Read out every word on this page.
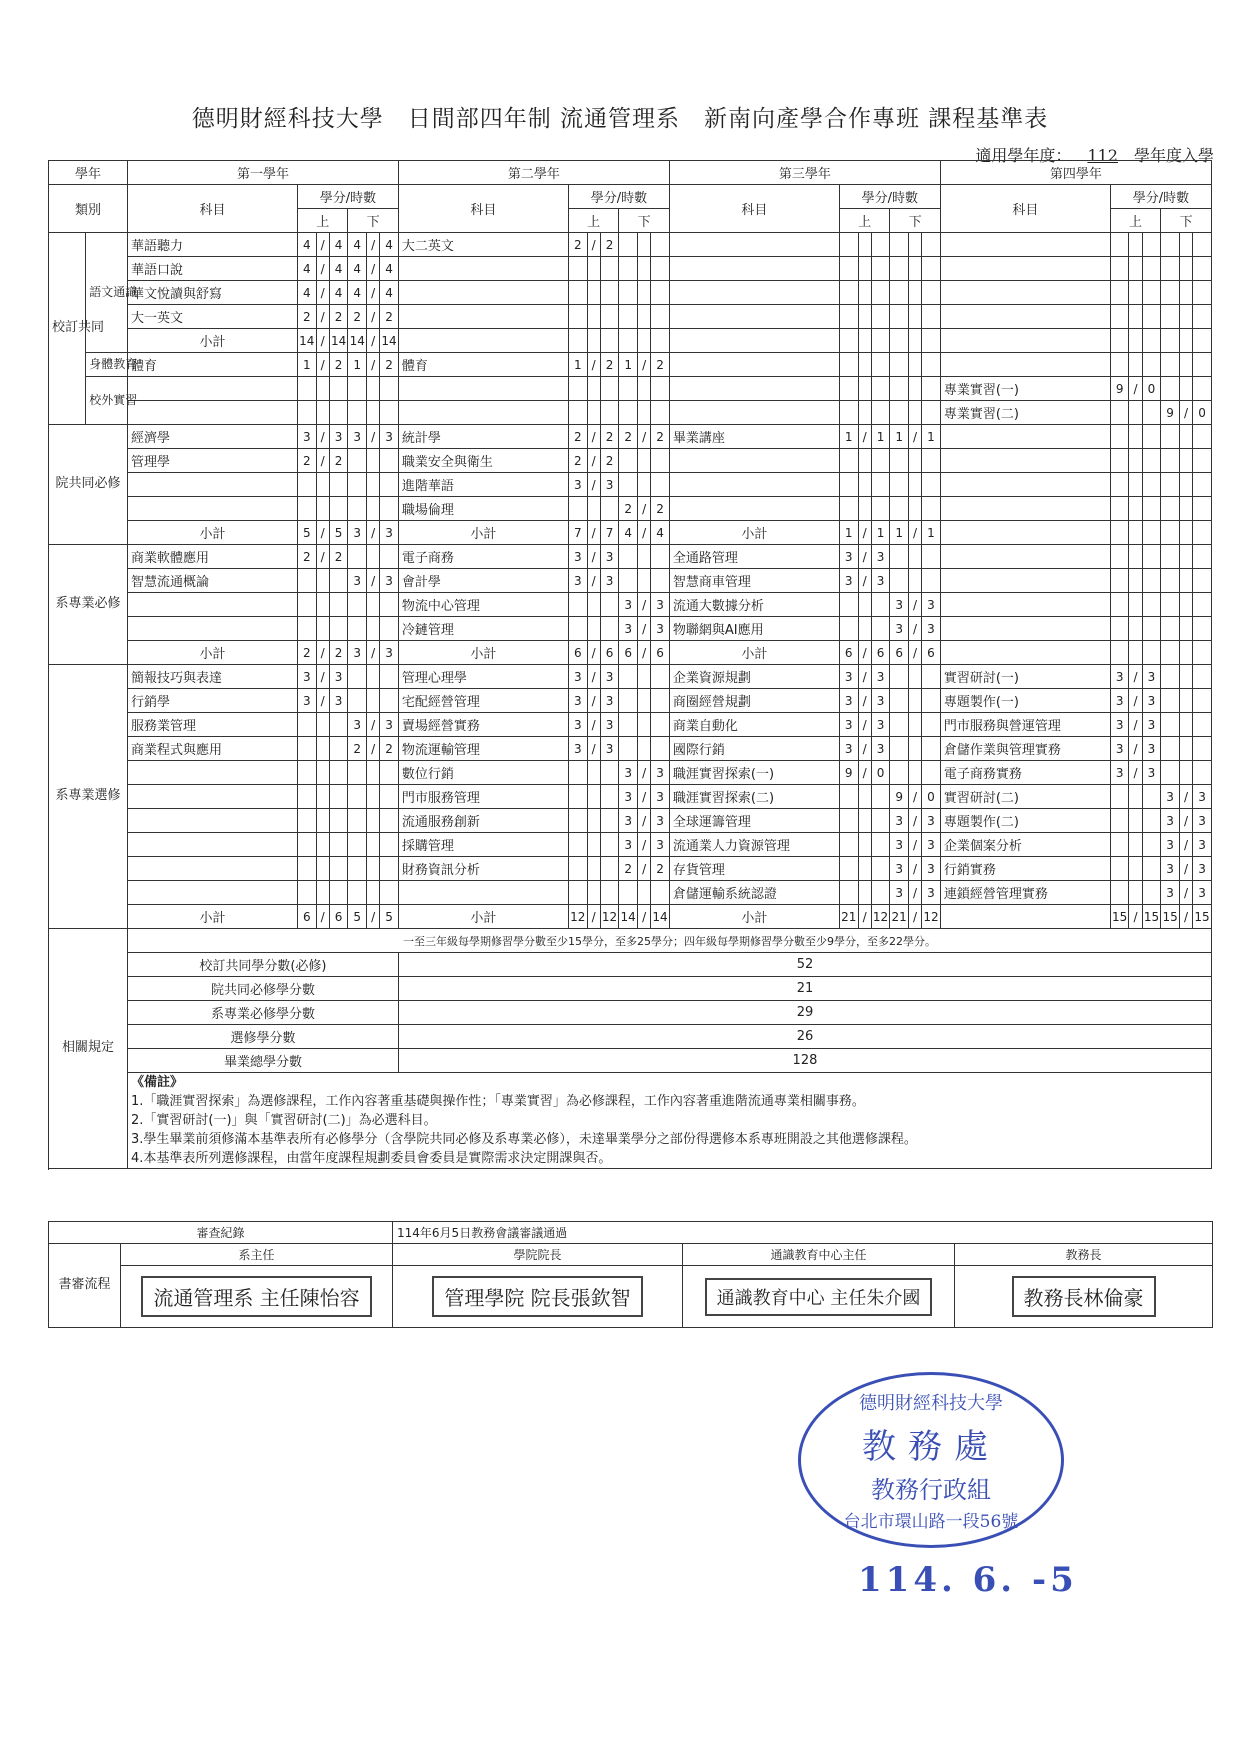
德明財經科技大學　日間部四年制 流通管理系　新南向產學合作專班 課程基準表
適用學年度： 112 學年度入學
學年		第一學年							第二學年							第三學年							第四學年						
類別		科目	學分/時數						科目	學分/時數						科目	學分/時數						科目	學分/時數					
			上			下				上			下				上			下				上			下		
校訂共同	語文通識	華語聽力	4	/	4	4	/	4	大二英文	2	/	2																	
		華語口說	4	/	4	4	/	4																					
		華文悅讀與舒寫	4	/	4	4	/	4																					
		大一英文	2	/	2	2	/	2																					
		小計	14	/	14	14	/	14																					
	身體教育	體育	1	/	2	1	/	2	體育	1	/	2	1	/	2														
	校外實習																						專業實習(一)	9	/	0			
																							專業實習(二)				9	/	0
院共同必修		經濟學	3	/	3	3	/	3	統計學	2	/	2	2	/	2	畢業講座	1	/	1	1	/	1							
		管理學	2	/	2				職業安全與衛生	2	/	2																	
									進階華語	3	/	3																	
									職場倫理				2	/	2														
		小計	5	/	5	3	/	3	小計	7	/	7	4	/	4	小計	1	/	1	1	/	1							
系專業必修		商業軟體應用	2	/	2				電子商務	3	/	3				全通路管理	3	/	3										
		智慧流通概論				3	/	3	會計學	3	/	3				智慧商車管理	3	/	3										
									物流中心管理				3	/	3	流通大數據分析				3	/	3							
									冷鏈管理				3	/	3	物聯網與AI應用				3	/	3							
		小計	2	/	2	3	/	3	小計	6	/	6	6	/	6	小計	6	/	6	6	/	6							
系專業選修		簡報技巧與表達	3	/	3				管理心理學	3	/	3				企業資源規劃	3	/	3				實習研討(一)	3	/	3			
		行銷學	3	/	3				宅配經營管理	3	/	3				商圈經營規劃	3	/	3				專題製作(一)	3	/	3			
		服務業管理				3	/	3	賣場經營實務	3	/	3				商業自動化	3	/	3				門市服務與營運管理	3	/	3			
		商業程式與應用				2	/	2	物流運輸管理	3	/	3				國際行銷	3	/	3				倉儲作業與管理實務	3	/	3			
									數位行銷				3	/	3	職涯實習探索(一)	9	/	0				電子商務實務	3	/	3			
									門市服務管理				3	/	3	職涯實習探索(二)				9	/	0	實習研討(二)				3	/	3
									流通服務創新				3	/	3	全球運籌管理				3	/	3	專題製作(二)				3	/	3
									採購管理				3	/	3	流通業人力資源管理				3	/	3	企業個案分析				3	/	3
									財務資訊分析				2	/	2	存貨管理				3	/	3	行銷實務				3	/	3
																倉儲運輸系統認證				3	/	3	連鎖經營管理實務				3	/	3
		小計	6	/	6	5	/	5	小計	12	/	12	14	/	14	小計	21	/	12	21	/	12		15	/	15	15	/	15
相關規定		一至三年級每學期修習學分數至少15學分，至多25學分；四年級每學期修習學分數至少9學分，至多22學分。																											
		校訂共同學分數(必修)							52																				
		院共同必修學分數							21																				
		系專業必修學分數							29																				
		選修學分數							26																				
		畢業總學分數							128																				

		《備註》
1.「職涯實習探索」為選修課程，工作內容著重基礎與操作性；「專業實習」為必修課程，工作內容著重進階流通專業相關事務。
2.「實習研討(一)」與「實習研討(二)」為必選科目。
3.學生畢業前須修滿本基準表所有必修學分（含學院共同必修及系專業必修），未達畢業學分之部份得選修本系專班開設之其他選修課程。
4.本基準表所列選修課程，由當年度課程規劃委員會委員是實際需求決定開課與否。																											

審查紀錄		114年6月5日教務會議審議通過		
書審流程	系主任	學院院長	通識教育中心主任	教務長
	流通管理系 主任陳怡容	管理學院 院長張欽智	通識教育中心 主任朱介國	教務長林倫豪
德明財經科技大學
教務處
教務行政組
台北市環山路一段56號
114. 6. -5
